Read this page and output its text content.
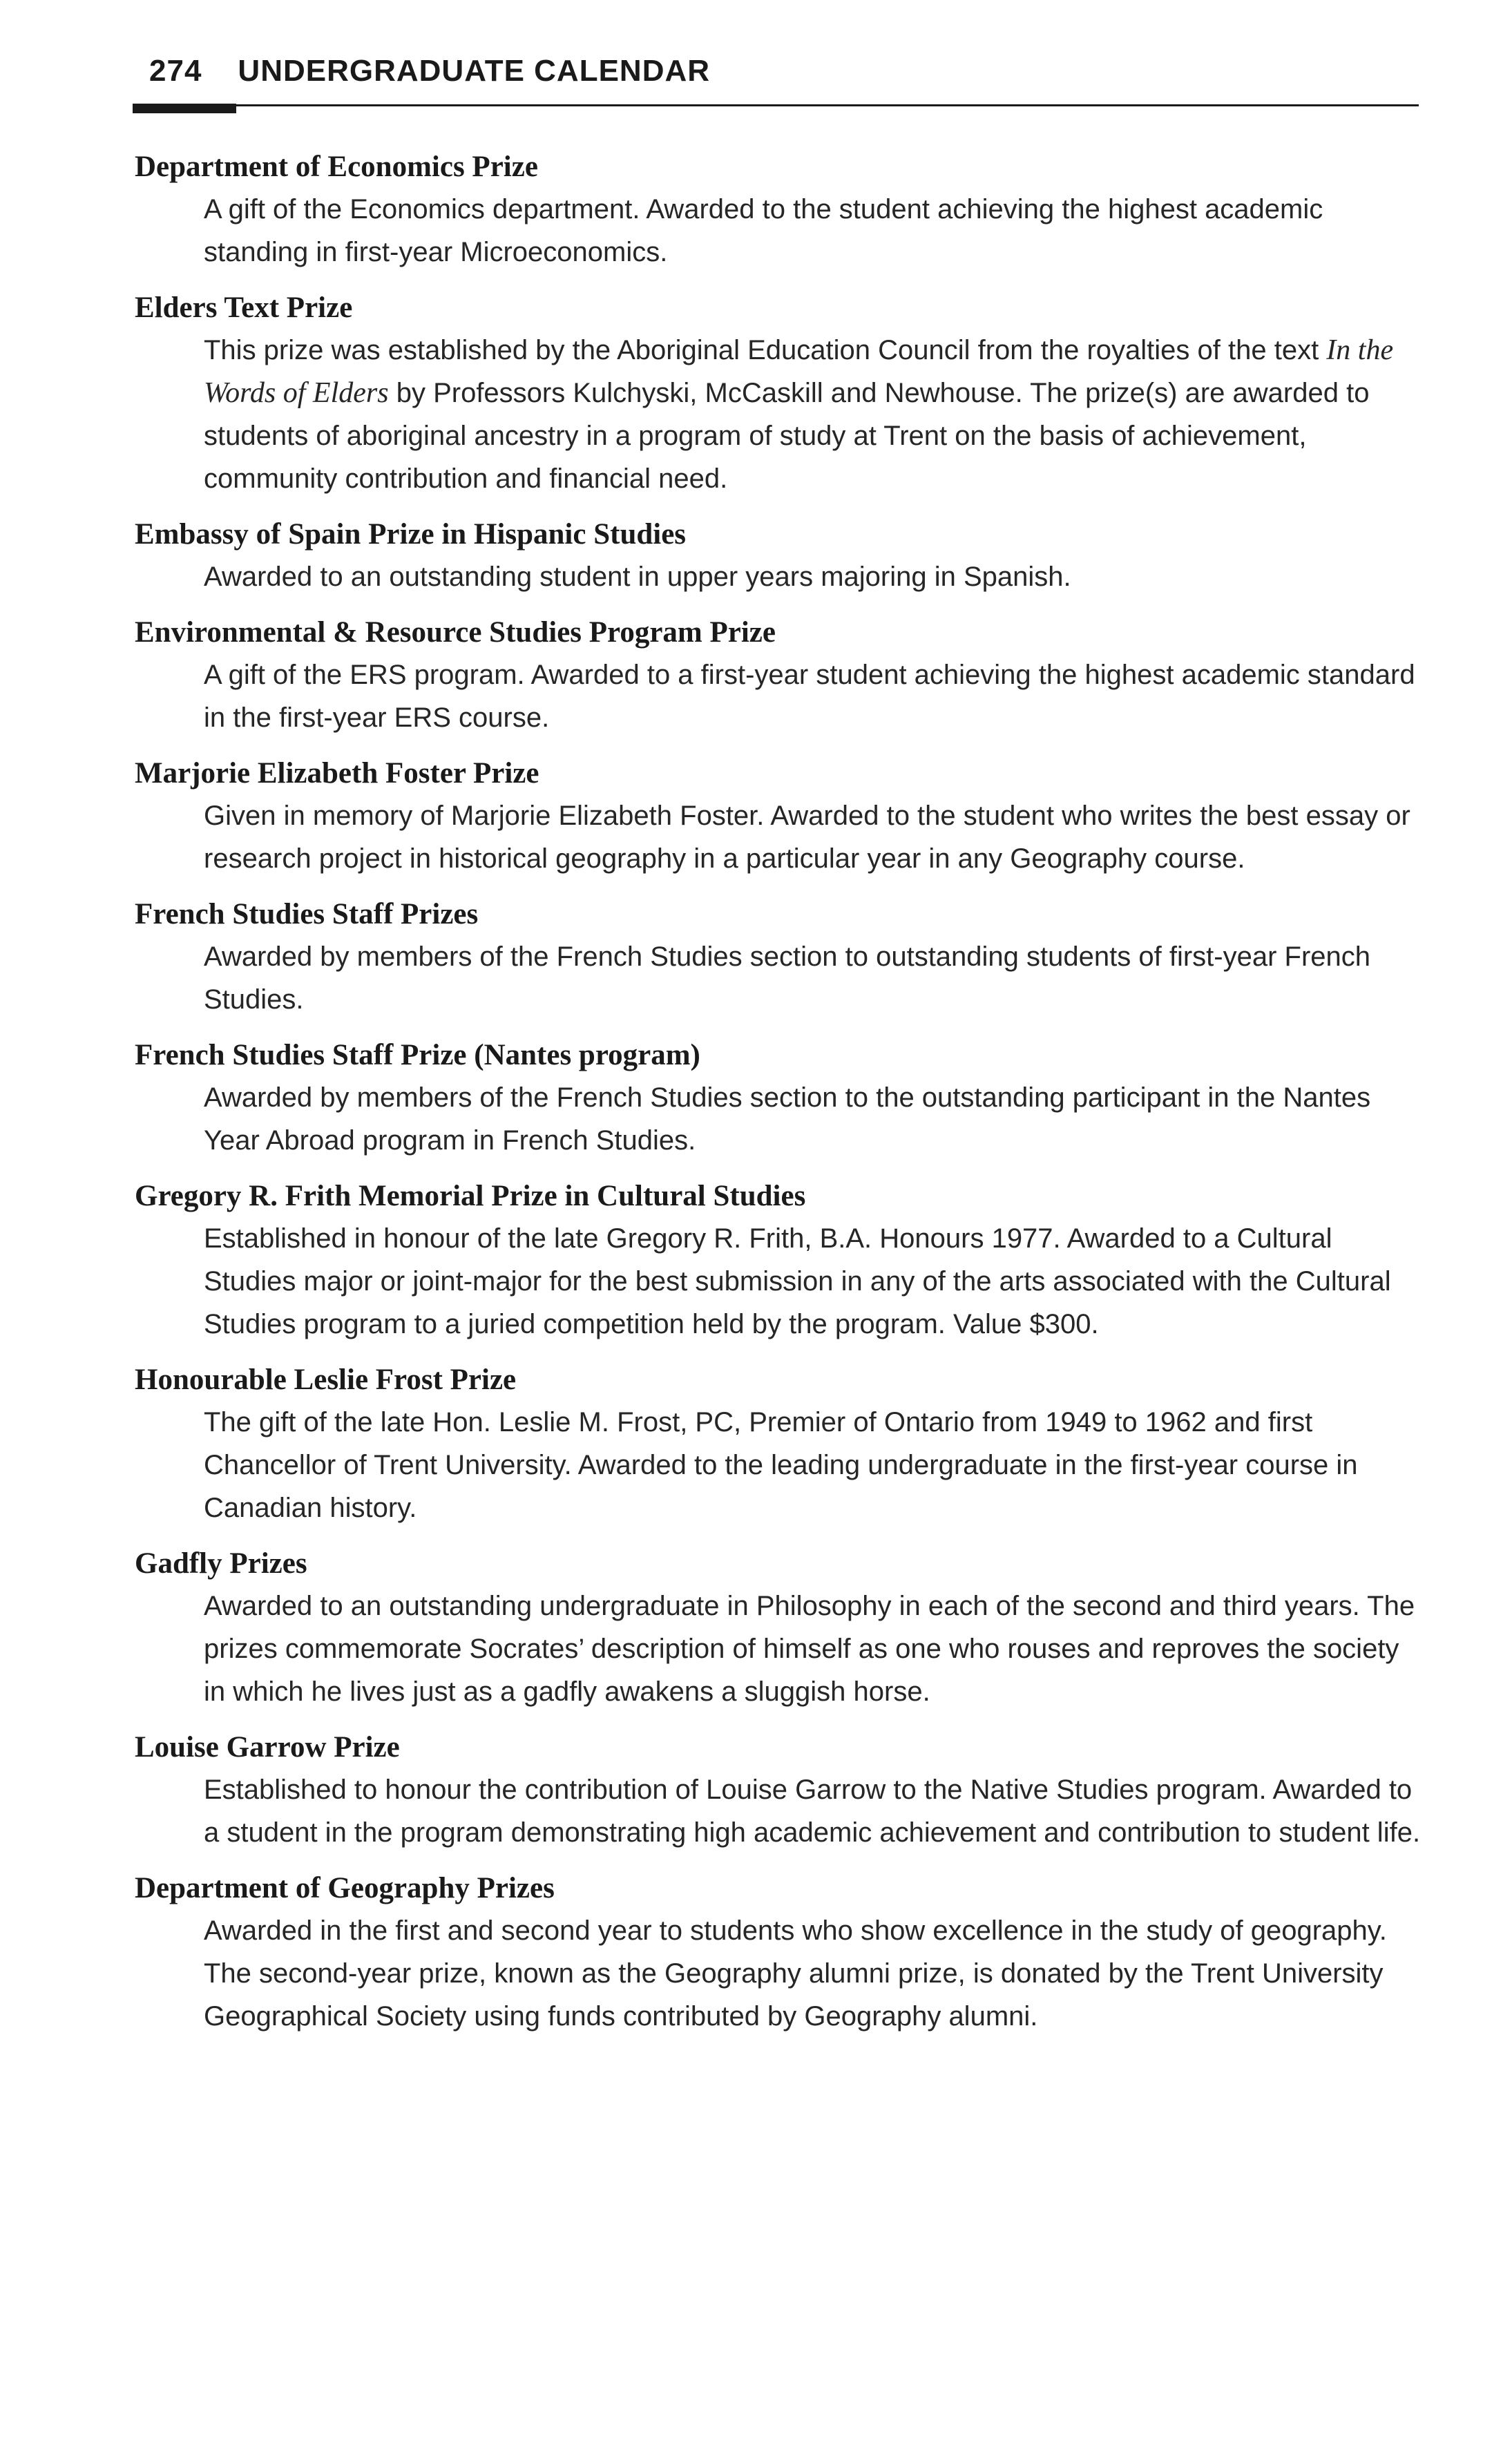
274 UNDERGRADUATE CALENDAR
Department of Economics Prize
A gift of the Economics department. Awarded to the student achieving the highest academic standing in first-year Microeconomics.
Elders Text Prize
This prize was established by the Aboriginal Education Council from the royalties of the text In the Words of Elders by Professors Kulchyski, McCaskill and Newhouse. The prize(s) are awarded to students of aboriginal ancestry in a program of study at Trent on the basis of achievement, community contribution and financial need.
Embassy of Spain Prize in Hispanic Studies
Awarded to an outstanding student in upper years majoring in Spanish.
Environmental & Resource Studies Program Prize
A gift of the ERS program. Awarded to a first-year student achieving the highest academic standard in the first-year ERS course.
Marjorie Elizabeth Foster Prize
Given in memory of Marjorie Elizabeth Foster. Awarded to the student who writes the best essay or research project in historical geography in a particular year in any Geography course.
French Studies Staff Prizes
Awarded by members of the French Studies section to outstanding students of first-year French Studies.
French Studies Staff Prize (Nantes program)
Awarded by members of the French Studies section to the outstanding participant in the Nantes Year Abroad program in French Studies.
Gregory R. Frith Memorial Prize in Cultural Studies
Established in honour of the late Gregory R. Frith, B.A. Honours 1977. Awarded to a Cultural Studies major or joint-major for the best submission in any of the arts associated with the Cultural Studies program to a juried competition held by the program. Value $300.
Honourable Leslie Frost Prize
The gift of the late Hon. Leslie M. Frost, PC, Premier of Ontario from 1949 to 1962 and first Chancellor of Trent University. Awarded to the leading undergraduate in the first-year course in Canadian history.
Gadfly Prizes
Awarded to an outstanding undergraduate in Philosophy in each of the second and third years. The prizes commemorate Socrates’ description of himself as one who rouses and reproves the society in which he lives just as a gadfly awakens a sluggish horse.
Louise Garrow Prize
Established to honour the contribution of Louise Garrow to the Native Studies program. Awarded to a student in the program demonstrating high academic achievement and contribution to student life.
Department of Geography Prizes
Awarded in the first and second year to students who show excellence in the study of geography. The second-year prize, known as the Geography alumni prize, is donated by the Trent University Geographical Society using funds contributed by Geography alumni.
